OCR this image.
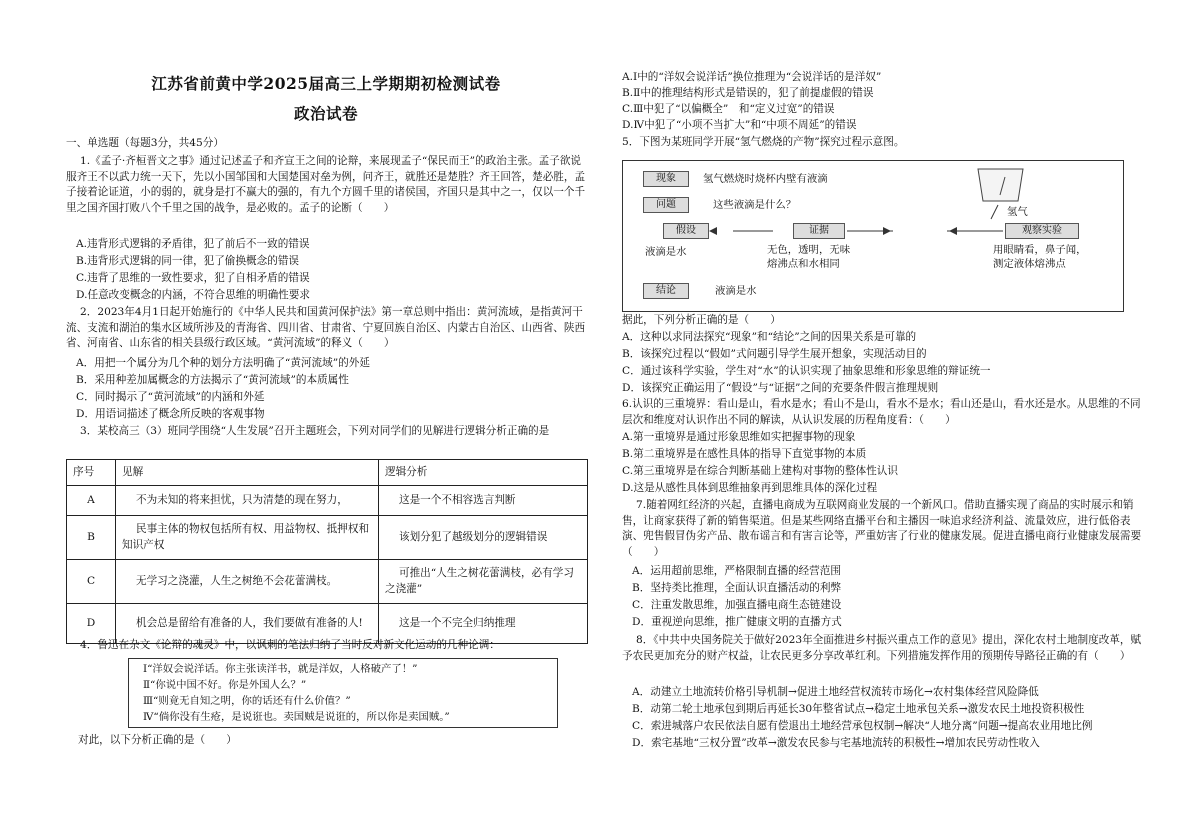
江苏省前黄中学2025届高三上学期期初检测试卷
政治试卷
一、单选题（每题3分，共45分）
1.《孟子·齐桓晋文之事》通过记述孟子和齐宣王之间的论辩，来展现孟子“保民而王”的政治主张。孟子欲说服齐王不以武力统一天下，先以小国邹国和大国楚国对垒为例，问齐王，就胜还是楚胜？齐王回答，楚必胜，孟子接着论证道，小的弱的，就身是打不赢大的强的，有九个方圆千里的诸侯国，齐国只是其中之一，仅以一个千里之国齐国打败八个千里之国的战争，是必败的。孟子的论断（　　）
A.违背形式逻辑的矛盾律，犯了前后不一致的错误
B.违背形式逻辑的同一律，犯了偷换概念的错误
C.违背了思维的一致性要求，犯了自相矛盾的错误
D.任意改变概念的内涵，不符合思维的明确性要求
2．2023年4月1日起开始施行的《中华人民共和国黄河保护法》第一章总则中指出：黄河流域，是指黄河干流、支流和湖泊的集水区域所涉及的青海省、四川省、甘肃省、宁夏回族自治区、内蒙古自治区、山西省、陕西省、河南省、山东省的相关县级行政区域。“黄河流域”的释义（　　）
A．用把一个属分为几个种的划分方法明确了“黄河流域”的外延
B．采用种差加属概念的方法揭示了“黄河流域”的本质属性
C．同时揭示了“黄河流域”的内涵和外延
D．用语词描述了概念所反映的客观事物
3．某校高三（3）班同学围绕“人生发展”召开主题班会，下列对同学们的见解进行逻辑分析正确的是
序号	见解	逻辑分析
A	不为未知的将来担忧，只为清楚的现在努力，	这是一个不相容选言判断
B	民事主体的物权包括所有权、用益物权、抵押权和知识产权	该划分犯了越级划分的逻辑错误
C	无学习之浇灌，人生之树绝不会花蕾满枝。	可推出“人生之树花蕾满枝，必有学习之浇灌”
D	机会总是留给有准备的人，我们要做有准备的人!	这是一个不完全归纳推理
4．鲁迅在杂文《论辩的魂灵》中，以讽刺的笔法归纳了当时反对新文化运动的几种论调：
Ⅰ“洋奴会说洋话。你主张读洋书，就是洋奴，人格破产了！”
Ⅱ“你说中国不好。你是外国人么？”
Ⅲ“则竟无自知之明，你的话还有什么价值？”
Ⅳ“倘你没有生疮，是说诳也。卖国贼是说诳的，所以你是卖国贼。”
对此，以下分析正确的是（　　）
A.Ⅰ中的“洋奴会说洋话”换位推理为“会说洋话的是洋奴”
B.Ⅱ中的推理结构形式是错误的，犯了前提虚假的错误
C.Ⅲ中犯了“以偏概全”　和“定义过宽”的错误
D.Ⅳ中犯了“小项不当扩大”和“中项不周延”的错误
5．下图为某班同学开展“氢气燃烧的产物”探究过程示意图。
现象	氢气燃烧时烧杯内壁有液滴
问题	这些液滴是什么？
氢气
假设	证据	观察实验
液滴是水	无色，透明，无味
熔沸点和水相同
用眼睛看，鼻子闻，
测定液体熔沸点
结论	液滴是水
据此，下列分析正确的是（　　）
A．这种以求同法探究“现象”和“结论”之间的因果关系是可靠的
B．该探究过程以“假如”式问题引导学生展开想象，实现活动目的
C．通过该科学实验，学生对“水”的认识实现了抽象思维和形象思维的辩证统一
D．该探究正确运用了“假设”与“证据”之间的充要条件假言推理规则
6.认识的三重境界：看山是山，看水是水；看山不是山，看水不是水；看山还是山，看水还是水。从思维的不同层次和维度对认识作出不同的解读，从认识发展的历程角度看：（　　）
A.第一重境界是通过形象思维如实把握事物的现象
B.第二重境界是在感性具体的指导下直觉事物的本质
C.第三重境界是在综合判断基础上建构对事物的整体性认识
D.这是从感性具体到思维抽象再到思维具体的深化过程
7.随着网红经济的兴起，直播电商成为互联网商业发展的一个新风口。借助直播实现了商品的实时展示和销售，让商家获得了新的销售渠道。但是某些网络直播平台和主播因一味追求经济利益、流量效应，进行低俗表演、兜售假冒伪劣产品、散布谣言和有害言论等，严重妨害了行业的健康发展。促进直播电商行业健康发展需要（　　）
A．运用超前思维，严格限制直播的经营范围
B．坚持类比推理，全面认识直播活动的利弊
C．注重发散思维，加强直播电商生态链建设
D．重视逆向思维，推广健康文明的直播方式
8．《中共中央国务院关于做好2023年全面推进乡村振兴重点工作的意见》提出，深化农村土地制度改革，赋予农民更加充分的财产权益，让农民更多分享改革红利。下列措施发挥作用的预期传导路径正确的有（　　）
A．动建立土地流转价格引导机制→促进土地经营权流转市场化→农村集体经营风险降低
B．动第二轮土地承包到期后再延长30年整省试点→稳定土地承包关系→激发农民土地投资积极性
C．索进城落户农民依法自愿有偿退出土地经营承包权制→解决“人地分离”问题→提高农业用地比例
D．索宅基地“三权分置”改革→激发农民参与宅基地流转的积极性→增加农民劳动性收入
